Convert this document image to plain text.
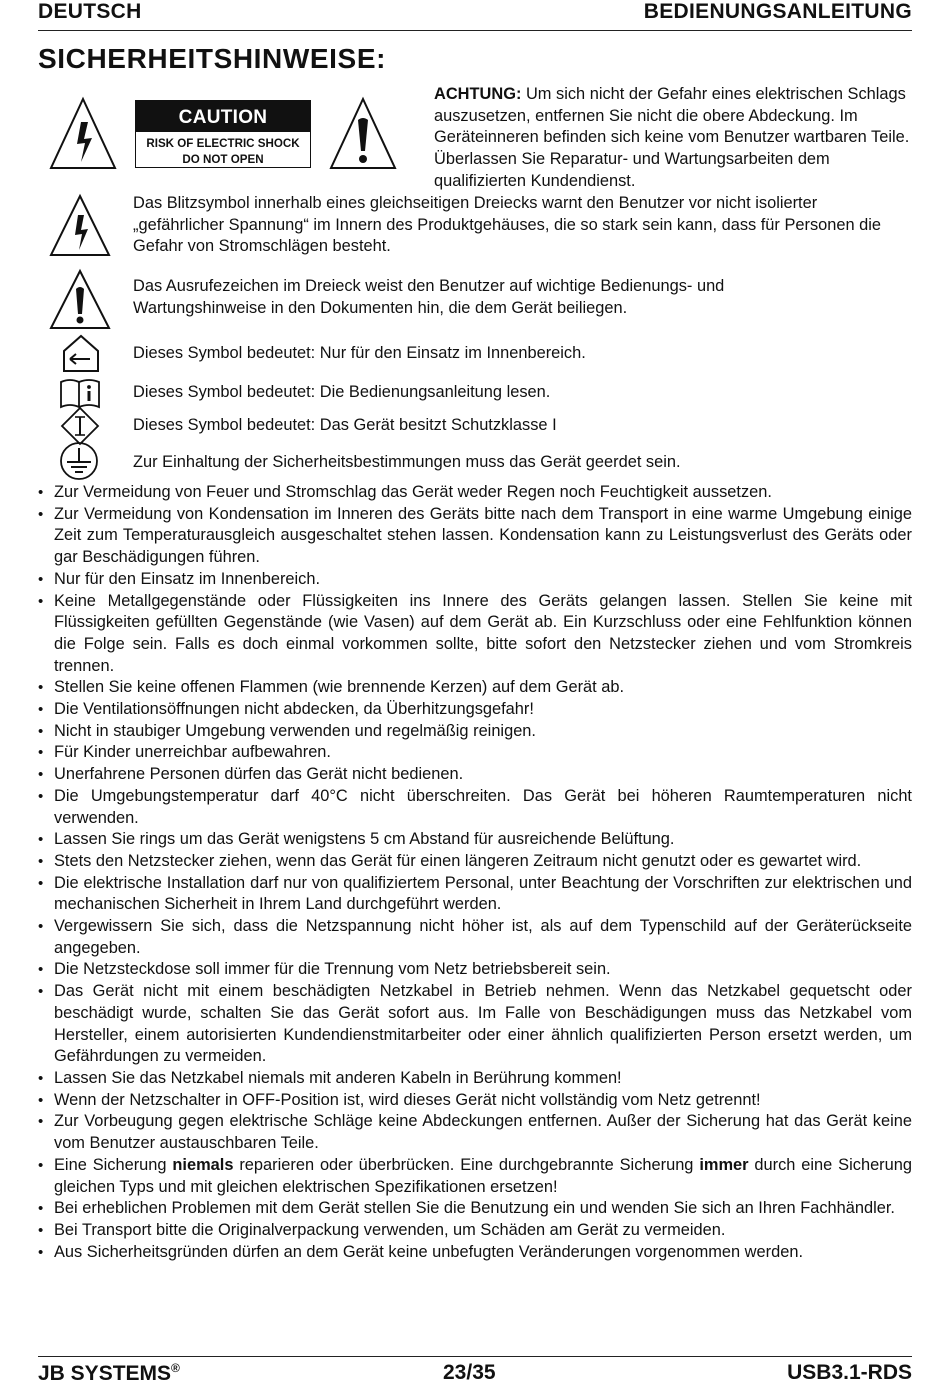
DEUTSCH	BEDIENUNGSANLEITUNG
SICHERHEITSHINWEISE:
CAUTION
RISK OF ELECTRIC SHOCK
DO NOT OPEN
ACHTUNG: Um sich nicht der Gefahr eines elektrischen Schlags auszusetzen, entfernen Sie nicht die obere Abdeckung. Im Geräteinneren befinden sich keine vom Benutzer wartbaren Teile. Überlassen Sie Reparatur- und Wartungsarbeiten dem qualifizierten Kundendienst.
Das Blitzsymbol innerhalb eines gleichseitigen Dreiecks warnt den Benutzer vor nicht isolierter „gefährlicher Spannung“ im Innern des Produktgehäuses, die so stark sein kann, dass für Personen die Gefahr von Stromschlägen besteht.
Das Ausrufezeichen im Dreieck weist den Benutzer auf wichtige Bedienungs- und Wartungshinweise in den Dokumenten hin, die dem Gerät beiliegen.
Dieses Symbol bedeutet: Nur für den Einsatz im Innenbereich.
Dieses Symbol bedeutet: Die Bedienungsanleitung lesen.
Dieses Symbol bedeutet: Das Gerät besitzt Schutzklasse I
Zur Einhaltung der Sicherheitsbestimmungen muss das Gerät geerdet sein.
• Zur Vermeidung von Feuer und Stromschlag das Gerät weder Regen noch Feuchtigkeit aussetzen.
• Zur Vermeidung von Kondensation im Inneren des Geräts bitte nach dem Transport in eine warme Umgebung einige Zeit zum Temperaturausgleich ausgeschaltet stehen lassen. Kondensation kann zu Leistungsverlust des Geräts oder gar Beschädigungen führen.
• Nur für den Einsatz im Innenbereich.
• Keine Metallgegenstände oder Flüssigkeiten ins Innere des Geräts gelangen lassen. Stellen Sie keine mit Flüssigkeiten gefüllten Gegenstände (wie Vasen) auf dem Gerät ab. Ein Kurzschluss oder eine Fehlfunktion können die Folge sein. Falls es doch einmal vorkommen sollte, bitte sofort den Netzstecker ziehen und vom Stromkreis trennen.
• Stellen Sie keine offenen Flammen (wie brennende Kerzen) auf dem Gerät ab.
• Die Ventilationsöffnungen nicht abdecken, da Überhitzungsgefahr!
• Nicht in staubiger Umgebung verwenden und regelmäßig reinigen.
• Für Kinder unerreichbar aufbewahren.
• Unerfahrene Personen dürfen das Gerät nicht bedienen.
• Die Umgebungstemperatur darf 40°C nicht überschreiten. Das Gerät bei höheren Raumtemperaturen nicht verwenden.
• Lassen Sie rings um das Gerät wenigstens 5 cm Abstand für ausreichende Belüftung.
• Stets den Netzstecker ziehen, wenn das Gerät für einen längeren Zeitraum nicht genutzt oder es gewartet wird.
• Die elektrische Installation darf nur von qualifiziertem Personal, unter Beachtung der Vorschriften zur elektrischen und mechanischen Sicherheit in Ihrem Land durchgeführt werden.
• Vergewissern Sie sich, dass die Netzspannung nicht höher ist, als auf dem Typenschild auf der Geräterückseite angegeben.
• Die Netzsteckdose soll immer für die Trennung vom Netz betriebsbereit sein.
• Das Gerät nicht mit einem beschädigten Netzkabel in Betrieb nehmen. Wenn das Netzkabel gequetscht oder beschädigt wurde, schalten Sie das Gerät sofort aus. Im Falle von Beschädigungen muss das Netzkabel vom Hersteller, einem autorisierten Kundendienstmitarbeiter oder einer ähnlich qualifizierten Person ersetzt werden, um Gefährdungen zu vermeiden.
• Lassen Sie das Netzkabel niemals mit anderen Kabeln in Berührung kommen!
• Wenn der Netzschalter in OFF-Position ist, wird dieses Gerät nicht vollständig vom Netz getrennt!
• Zur Vorbeugung gegen elektrische Schläge keine Abdeckungen entfernen. Außer der Sicherung hat das Gerät keine vom Benutzer austauschbaren Teile.
• Eine Sicherung niemals reparieren oder überbrücken. Eine durchgebrannte Sicherung immer durch eine Sicherung gleichen Typs und mit gleichen elektrischen Spezifikationen ersetzen!
• Bei erheblichen Problemen mit dem Gerät stellen Sie die Benutzung ein und wenden Sie sich an Ihren Fachhändler.
• Bei Transport bitte die Originalverpackung verwenden, um Schäden am Gerät zu vermeiden.
• Aus Sicherheitsgründen dürfen an dem Gerät keine unbefugten Veränderungen vorgenommen werden.
JB SYSTEMS®	23/35	USB3.1-RDS
